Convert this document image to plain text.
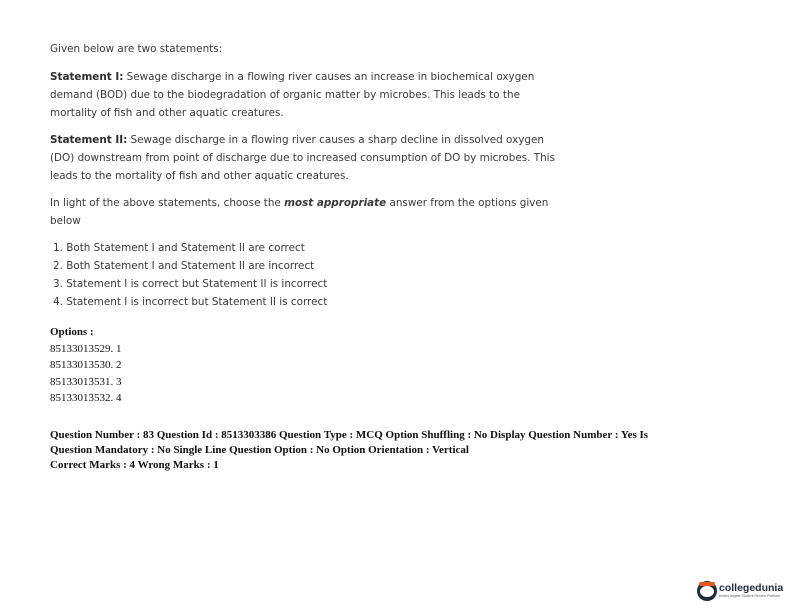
Given below are two statements:

Statement I: Sewage discharge in a flowing river causes an increase in biochemical oxygen demand (BOD) due to the biodegradation of organic matter by microbes. This leads to the mortality of fish and other aquatic creatures.

Statement II: Sewage discharge in a flowing river causes a sharp decline in dissolved oxygen (DO) downstream from point of discharge due to increased consumption of DO by microbes. This leads to the mortality of fish and other aquatic creatures.

In light of the above statements, choose the most appropriate answer from the options given below

1. Both Statement I and Statement II are correct
2. Both Statement I and Statement II are incorrect
3. Statement I is correct but Statement II is incorrect
4. Statement I is incorrect but Statement II is correct
Options :
85133013529. 1
85133013530. 2
85133013531. 3
85133013532. 4
Question Number : 83 Question Id : 8513303386 Question Type : MCQ Option Shuffling : No Display Question Number : Yes Is
Question Mandatory : No Single Line Question Option : No Option Orientation : Vertical
Correct Marks : 4 Wrong Marks : 1
collegedunia
India's largest Student Review Platform
